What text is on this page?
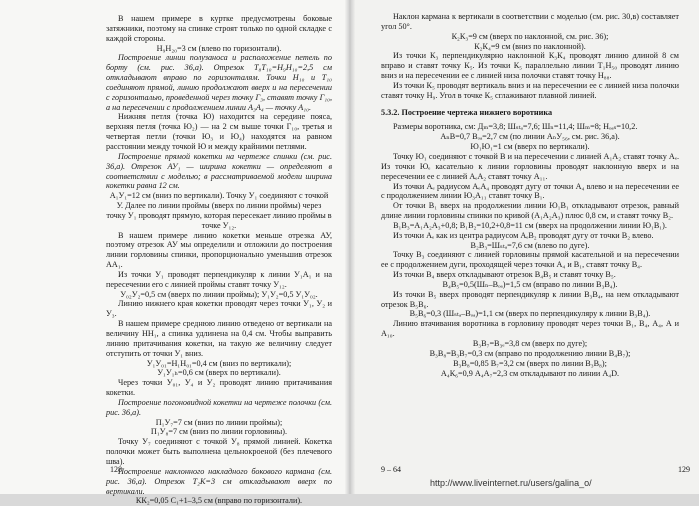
В нашем примере в куртке предусмотрены боковые затяжники, поэтому на спинке строят только по одной складке с каждой стороны.

Н₉Н₂₀=3 см (влево по горизонтали).

Построение линии полузаноса и расположение петель по борту (см. рис. 36,а). Отрезок Т₈Т₁₀=Н₉Н₁₀=2,5 см откладывают вправо по горизонталям. Точки Н₁₀ и Т₁₀ соединяют прямой, линию продолжают вверх и на пересечении с горизонталью, проведенной через точку Г₃, ставят точку Г₁₀, а на пересечении с продолжением линии А₃А₄ — точку А₁₀.

Нижняя петля (точка Ю) находится на середине пояса, верхняя петля (точка Ю₂) — на 2 см выше точки Г₁₀, третья и четвертая петли (точки Ю₃ и Ю₄) находятся на равном расстоянии между точкой Ю и между крайними петлями.

Построение прямой кокетки на чертеже спинки (см. рис. 36,а). Отрезок АУ₁ — ширина кокетки — определяют в соответствии с моделью; в рассматриваемой модели ширина кокетки равна 12 см.

А₁У₁=12 см (вниз по вертикали). Точку У₁ соединяют с точкой У. Далее по линии проймы (вверх по линии проймы) через точку У₁ проводят прямую, которая пересекает линию проймы в точке У₁₂.

В нашем примере линию кокетки меньше отрезка АУ, поэтому отрезок АУ мы определили и отложили до построения линии горловины спинки, пропорционально уменьшив отрезок АА₁.

Из точки У₁ проводят перпендикуляр к линии У₁А₁ и на пересечении его с линией проймы ставят точку У₁₂.

У₀₂У₂=0,5 см (вверх по линии проймы); У₁У₂=0,5 У₁У₀₂.

Линию нижнего края кокетки проводят через точки У₁, У₂ и У₃.

В нашем примере среднюю линию отведено от вертикали на величину НН₁, а спинка удлинена на 0,4 см. Чтобы выправить линию притачивания кокетки, на такую же величину следует отступить от точки У₁ вниз.

У₁У₀₁=Н₁Н₀₁=0,4 см (вниз по вертикали);

У₁У₁ₕ=0,6 см (вверх по вертикали).

Через точки У₀₁, У₄ и У₂ проводят линию притачивания кокетки.

Построение погоновидной кокетки на чертеже полочки (см. рис. 36,а).

П₁У₇=7 см (вниз по линии проймы);

П₁У₈=7 см (вниз по линии горловины).

Точку У₇ соединяют с точкой У₈ прямой линией. Кокетка полочки может быть выполнена цельнокроеной (без плечевого шва).

Построение наклонного накладного бокового кармана (см. рис. 36,а). Отрезок Т₂К=3 см откладывают вверх по вертикали.

КК₂=0,05 С₁+1–3,5 см (вправо по горизонтали).

128

Наклон кармана к вертикали в соответствии с моделью (см. рис. 30,в) составляет угол 50°.

К₂К₃=9 см (вверх по наклонной, см. рис. 36);

К₂К₄=9 см (вниз по наклонной).

Из точки К₃ перпендикулярно наклонной К₃К₄ проводят линию длиной 8 см вправо и ставят точку К₅. Из точки К₅ параллельно линии Т₁Н₅₀ проводят линию вниз и на пересечении ее с линией низа полочки ставят точку Н₈₈.

Из точки К₅ проводят вертикаль вниз и на пересечении ее с линией низа полочки ставят точку Н₉. Угол в точке К₅ сглаживают плавной линией.

5.3.2. Построение чертежа нижнего воротника

Размеры воротника, см: Дₘ=3,8; Шₛₜₐ=7,6; Шₙ=11,4; Шₘ=8; Нₒₐₛ=10,2.

АₙВ=0,7 Вₒₐ=2,7 см (по линии АₙУ₅₆, см. рис. 36,а).

Ю₁Ю₁=1 см (вверх по вертикали).

Точку Ю₁ соединяют с точкой В и на пересечении с линией А₁А₂ ставят точку Аₑ. Из точки Юₑ касательно к линии горловины проводят наклонную вверх и на пересечении ее с линией АₑА₂ ставят точку А₁₁.

Из точки Аₑ радиусом АₑА₄ проводят дугу от точки А₄ влево и на пересечении ее с продолжением линии Ю₃А₁₁ ставят точку В₁.

От точки В₁ вверх на продолжении линии Ю₁В₁ откладывают отрезок, равный длине линии горловины спинки по кривой (А₁А₂А₃) плюс 0,8 см, и ставят точку В₂.

В₁В₃=А₁А₂А₃+0,8; В₁В₂=10,2+0,8=11 см (вверх на продолжении линии Ю₁В₁).

Из точки Аₑ как из центра радиусом АₑВ₂ проводят дугу от точки В₂ влево.

В₂В₃=Шₛₜₐ=7,6 см (влево по дуге).

Точку В₃ соединяют с линией горловины прямой касательной и на пересечении ее с продолжением дуги, проходящей через точки А₄ и В₁, ставят точку В₄.

Из точки В₄ вверх откладывают отрезок В₄В₅ и ставят точку В₅.

В₄В₅=0,5(Шₙ–Вₒₐ)=1,5 см (вправо по линии В₃В₄).

Из точки В₅ вверх проводят перпендикуляр к линии В₃В₄, на нем откладывают отрезок В₅В₆.

В₅В₆=0,3 (Шₛₜₐ–Вₒₐ)=1,1 см (вверх по перпендикуляру к линии В₃В₄).

Линию втачивания воротника в горловину проводят через точки В₁, В₄, А₄, А и А₁₀.

В₃В₇=В₃ₑ=3,8 см (вверх по дуге);

В₃В₈=В₃В₇=0,3 см (вправо по продолжению линии В₄В₇);

В₃В₈=0,85 В₇=3,2 см (вверх по линии В₃В₈);

А₄К₆=0,9 А₄А₇=2,3 см откладывают по линии А₄D.

9 – 64	129
http://www.liveinternet.ru/users/galina_o/
